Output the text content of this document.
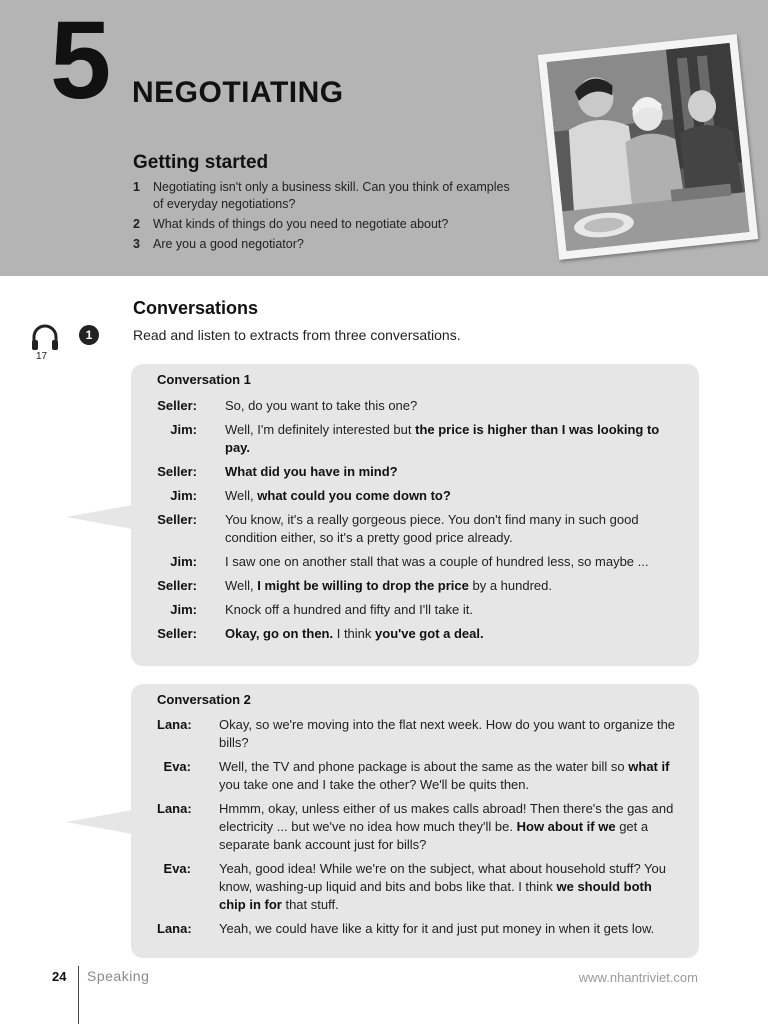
5 NEGOTIATING
Getting started
1 Negotiating isn't only a business skill. Can you think of examples of everyday negotiations?
2 What kinds of things do you need to negotiate about?
3 Are you a good negotiator?
Conversations
17
1	Read and listen to extracts from three conversations.
Conversation 1
Seller: So, do you want to take this one?
Jim: Well, I'm definitely interested but the price is higher than I was looking to pay.
Seller: What did you have in mind?
Jim: Well, what could you come down to?
Seller: You know, it's a really gorgeous piece. You don't find many in such good condition either, so it's a pretty good price already.
Jim: I saw one on another stall that was a couple of hundred less, so maybe ...
Seller: Well, I might be willing to drop the price by a hundred.
Jim: Knock off a hundred and fifty and I'll take it.
Seller: Okay, go on then. I think you've got a deal.
Conversation 2
Lana:	Okay, so we're moving into the flat next week. How do you want to organize the bills?
Eva: Well, the TV and phone package is about the same as the water bill so what if you take one and I take the other? We'll be quits then.
Lana:	Hmmm, okay, unless either of us makes calls abroad! Then there's the gas and electricity ... but we've no idea how much they'll be. How about if we get a separate bank account just for bills?
Eva: Yeah, good idea! While we're on the subject, what about household stuff? You know, washing-up liquid and bits and bobs like that. I think we should both chip in for that stuff.
Lana:	Yeah, we could have like a kitty for it and just put money in when it gets low.
24 Speaking	www.nhantriviet.com
